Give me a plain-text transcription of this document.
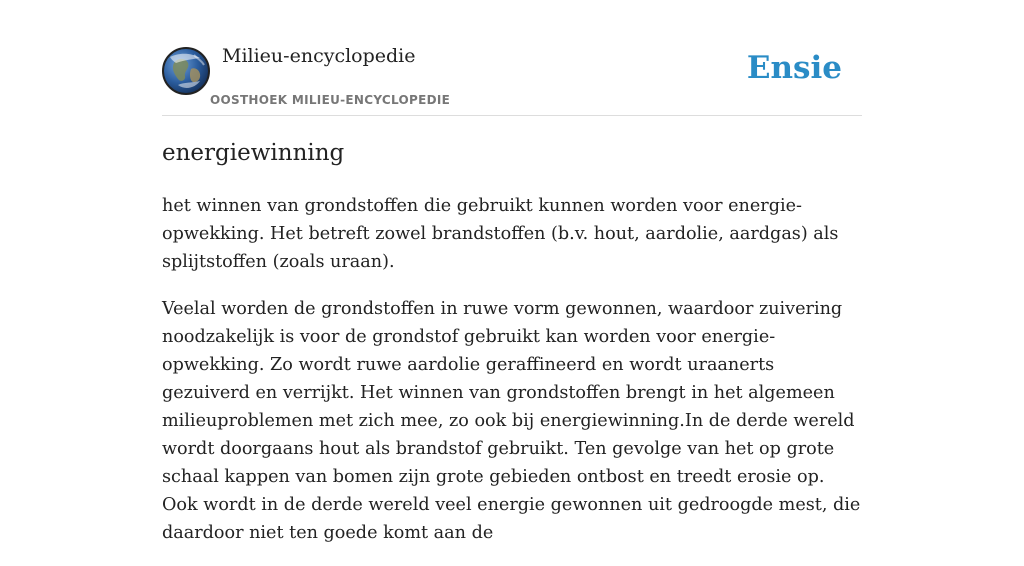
Milieu-encyclopedie
OOSTHOEK MILIEU-ENCYCLOPEDIE
Ensie
energiewinning

het winnen van grondstoffen die gebruikt kunnen worden voor energie-opwekking. Het betreft zowel brandstoffen (b.v. hout, aardolie, aardgas) als splijtstoffen (zoals uraan).

Veelal worden de grondstoffen in ruwe vorm gewonnen, waardoor zuivering noodzakelijk is voor de grondstof gebruikt kan worden voor energie-opwekking. Zo wordt ruwe aardolie geraffineerd en wordt uraanerts gezuiverd en verrijkt. Het winnen van grondstoffen brengt in het algemeen milieuproblemen met zich mee, zo ook bij energiewinning.In de derde wereld wordt doorgaans hout als brandstof gebruikt. Ten gevolge van het op grote schaal kappen van bomen zijn grote gebieden ontbost en treedt erosie op. Ook wordt in de derde wereld veel energie gewonnen uit gedroogde mest, die daardoor niet ten goede komt aan de
